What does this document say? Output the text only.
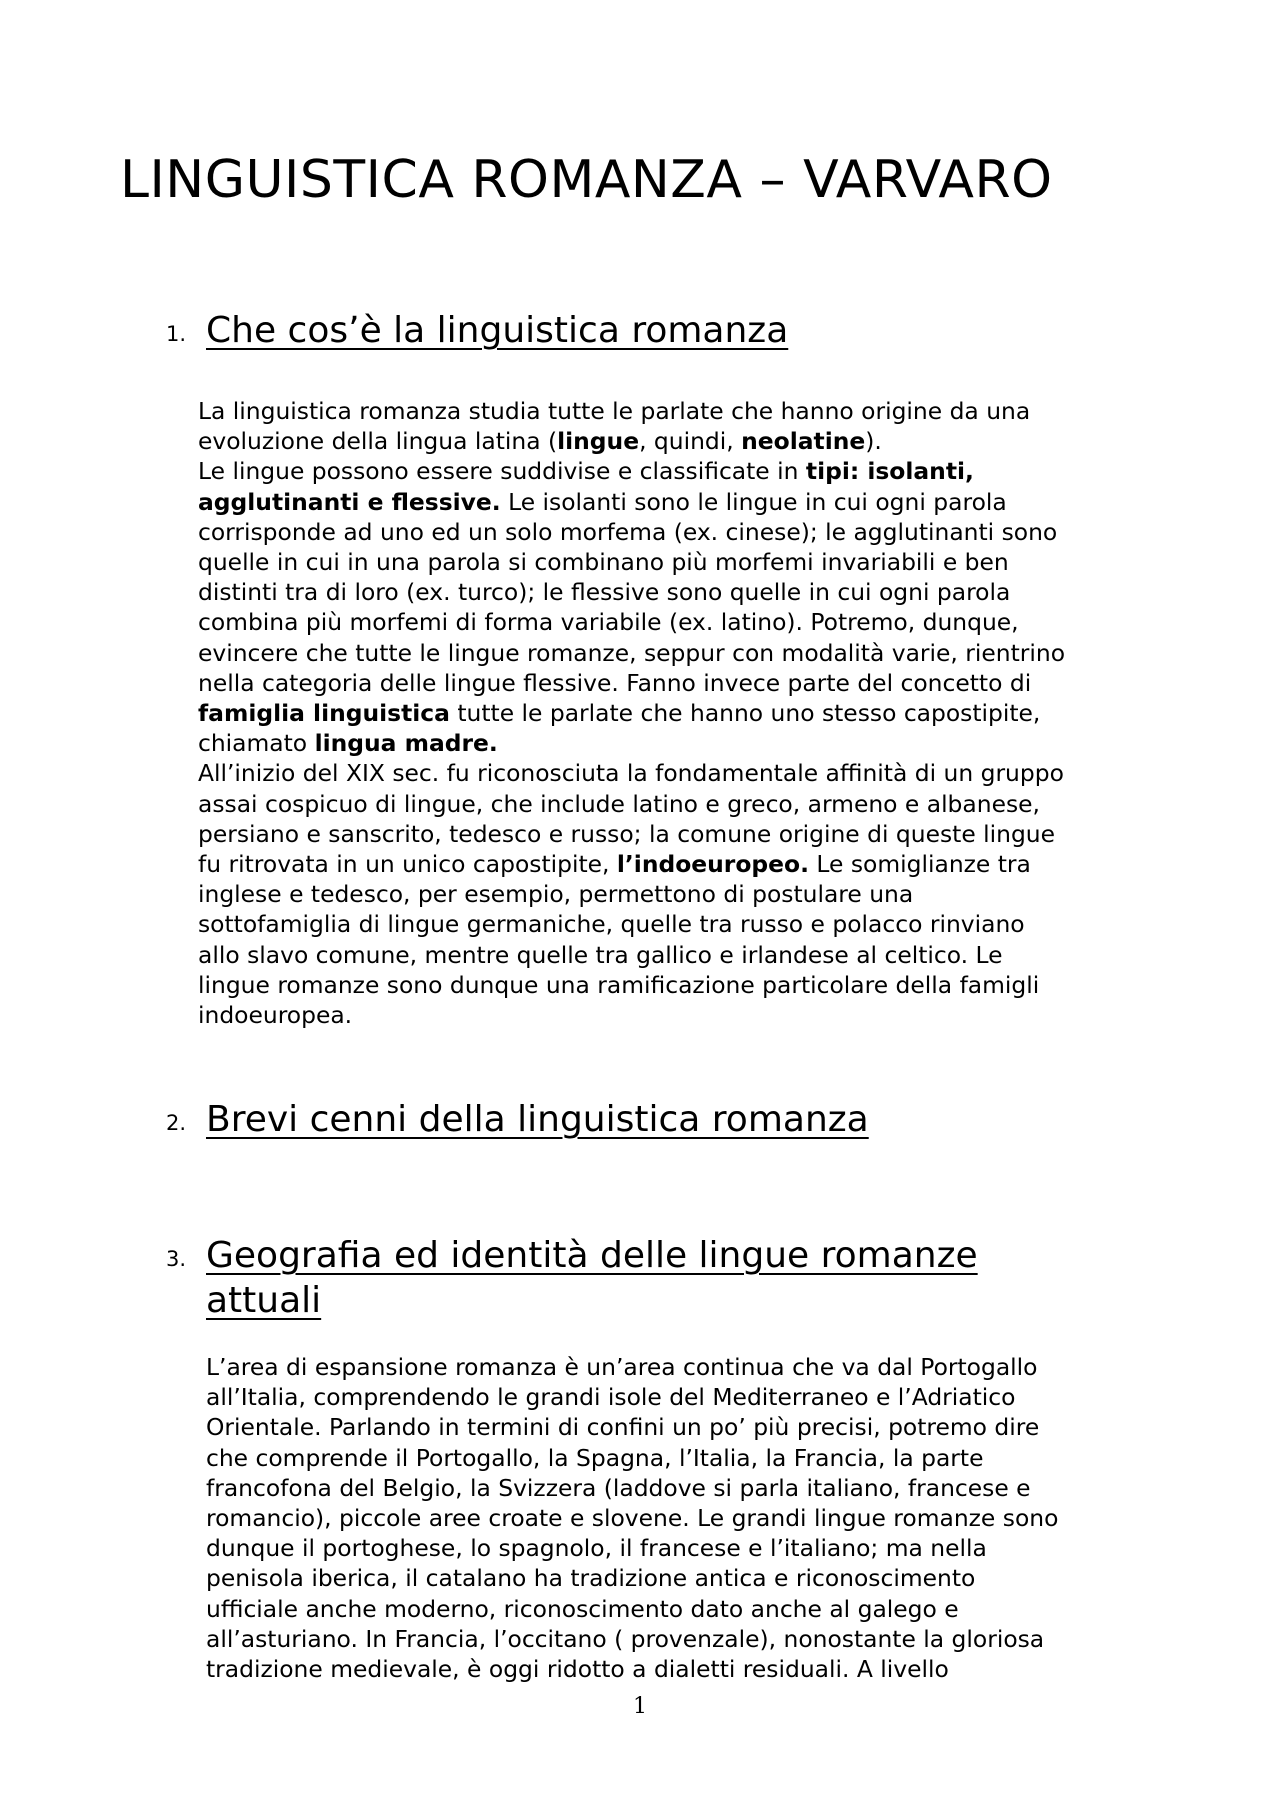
LINGUISTICA ROMANZA – VARVARO
1. Che cos’è la linguistica romanza
La linguistica romanza studia tutte le parlate che hanno origine da una
evoluzione della lingua latina (lingue, quindi, neolatine).
Le lingue possono essere suddivise e classificate in tipi: isolanti,
agglutinanti e flessive. Le isolanti sono le lingue in cui ogni parola
corrisponde ad uno ed un solo morfema (ex. cinese); le agglutinanti sono
quelle in cui in una parola si combinano più morfemi invariabili e ben
distinti tra di loro (ex. turco); le flessive sono quelle in cui ogni parola
combina più morfemi di forma variabile (ex. latino). Potremo, dunque,
evincere che tutte le lingue romanze, seppur con modalità varie, rientrino
nella categoria delle lingue flessive. Fanno invece parte del concetto di
famiglia linguistica tutte le parlate che hanno uno stesso capostipite,
chiamato lingua madre.
All’inizio del XIX sec. fu riconosciuta la fondamentale affinità di un gruppo
assai cospicuo di lingue, che include latino e greco, armeno e albanese,
persiano e sanscrito, tedesco e russo; la comune origine di queste lingue
fu ritrovata in un unico capostipite, l’indoeuropeo. Le somiglianze tra
inglese e tedesco, per esempio, permettono di postulare una
sottofamiglia di lingue germaniche, quelle tra russo e polacco rinviano
allo slavo comune, mentre quelle tra gallico e irlandese al celtico. Le
lingue romanze sono dunque una ramificazione particolare della famigli
indoeuropea.
2. Brevi cenni della linguistica romanza
3. Geografia ed identità delle lingue romanze
attuali
L’area di espansione romanza è un’area continua che va dal Portogallo
all’Italia, comprendendo le grandi isole del Mediterraneo e l’Adriatico
Orientale. Parlando in termini di confini un po’ più precisi, potremo dire
che comprende il Portogallo, la Spagna, l’Italia, la Francia, la parte
francofona del Belgio, la Svizzera (laddove si parla italiano, francese e
romancio), piccole aree croate e slovene. Le grandi lingue romanze sono
dunque il portoghese, lo spagnolo, il francese e l’italiano; ma nella
penisola iberica, il catalano ha tradizione antica e riconoscimento
ufficiale anche moderno, riconoscimento dato anche al galego e
all’asturiano. In Francia, l’occitano ( provenzale), nonostante la gloriosa
tradizione medievale, è oggi ridotto a dialetti residuali. A livello
1
